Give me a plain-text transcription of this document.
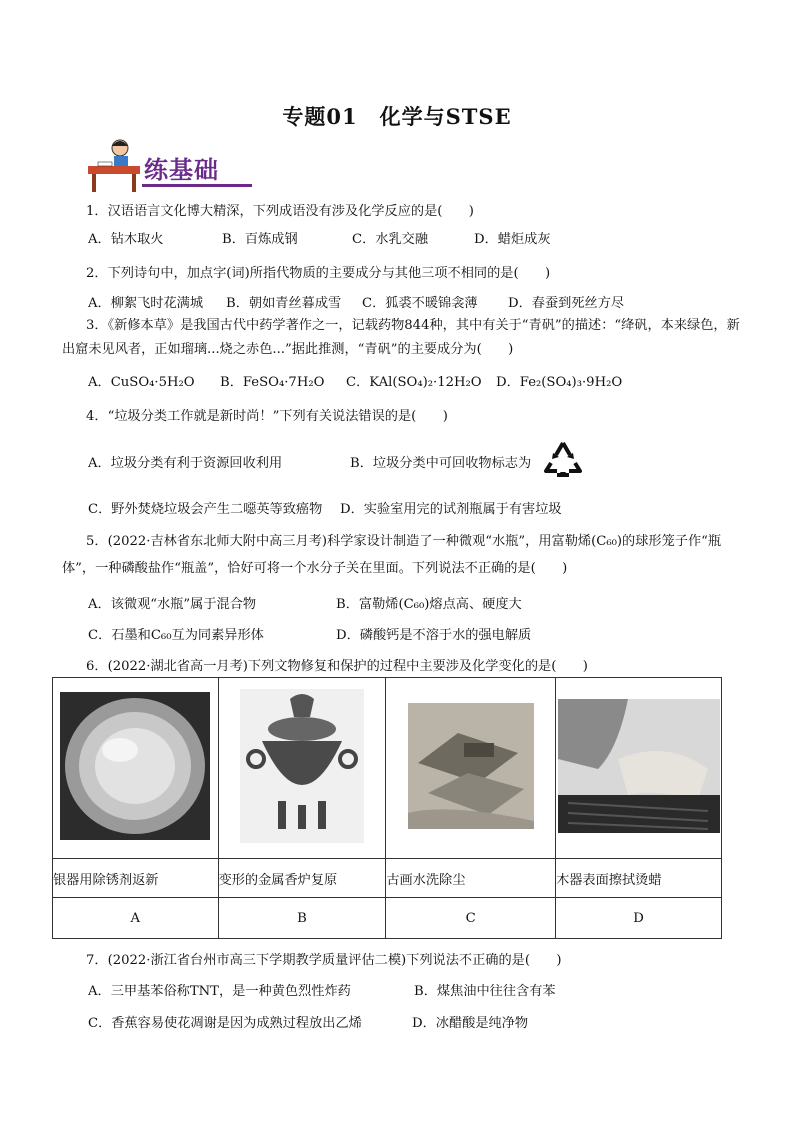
专题01　化学与STSE
练基础
1．汉语语言文化博大精深，下列成语没有涉及化学反应的是(　　)
A．钻木取火	B．百炼成钢	C．水乳交融	D．蜡炬成灰
2．下列诗句中，加点字(词)所指代物质的主要成分与其他三项不相同的是(　　)
A．柳絮飞时花满城 B．朝如青丝暮成雪 C．狐裘不暖锦衾薄 D．春蚕到死丝方尽
3．《新修本草》是我国古代中药学著作之一，记载药物844种，其中有关于“青矾”的描述：“绛矾，本来绿色，新出窟未见风者，正如瑠璃...烧之赤色...”据此推测，“青矾”的主要成分为(　　)
A．CuSO₄·5H₂O B．FeSO₄·7H₂O C．KAl(SO₄)₂·12H₂O D．Fe₂(SO₄)₃·9H₂O
4．“垃圾分类工作就是新时尚！”下列有关说法错误的是(　　)
A．垃圾分类有利于资源回收利用	B．垃圾分类中可回收物标志为
C．野外焚烧垃圾会产生二噁英等致癌物 D．实验室用完的试剂瓶属于有害垃圾
5．(2022·吉林省东北师大附中高三月考)科学家设计制造了一种微观“水瓶”，用富勒烯(C₆₀)的球形笼子作“瓶体”，一种磷酸盐作“瓶盖”，恰好可将一个水分子关在里面。下列说法不正确的是(　　)
A．该微观“水瓶”属于混合物	B．富勒烯(C₆₀)熔点高、硬度大
C．石墨和C₆₀互为同素异形体	D．磷酸钙是不溶于水的强电解质
6．(2022·湖北省高一月考)下列文物修复和保护的过程中主要涉及化学变化的是(　　)

银器用除锈剂返新	变形的金属香炉复原	古画水洗除尘	木器表面擦拭烫蜡
A	B	C	D
7．(2022·浙江省台州市高三下学期教学质量评估二模)下列说法不正确的是(　　)
A．三甲基苯俗称TNT，是一种黄色烈性炸药	B．煤焦油中往往含有苯
C．香蕉容易使花凋谢是因为成熟过程放出乙烯	D．冰醋酸是纯净物
